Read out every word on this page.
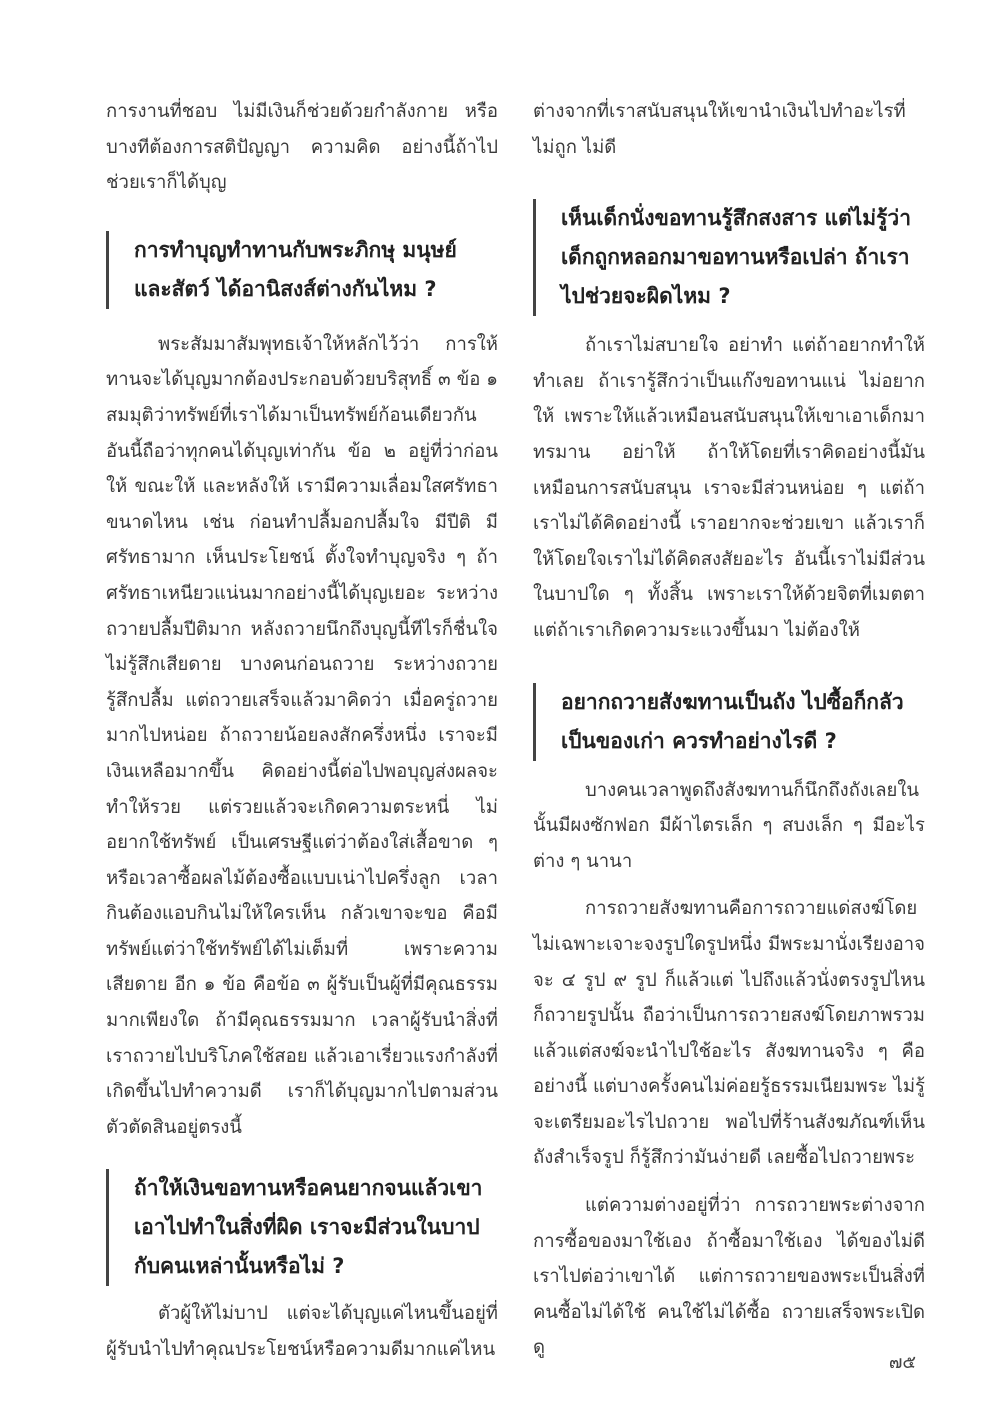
การงานที่ชอบ ไม่มีเงินก็ช่วยด้วยกำลังกาย หรือบางทีต้องการสติปัญญา ความคิด อย่างนี้ถ้าไปช่วยเราก็ได้บุญ

การทำบุญทำทานกับพระภิกษุ มนุษย์ และสัตว์ ได้อานิสงส์ต่างกันไหม ?

พระสัมมาสัมพุทธเจ้าให้หลักไว้ว่า การให้ทานจะได้บุญมากต้องประกอบด้วยบริสุทธิ์ ๓ ข้อ ๑ สมมุติว่าทรัพย์ที่เราได้มาเป็นทรัพย์ก้อนเดียวกัน อันนี้ถือว่าทุกคนได้บุญเท่ากัน ข้อ ๒ อยู่ที่ว่าก่อนให้ ขณะให้ และหลังให้ เรามีความเลื่อมใสศรัทธาขนาดไหน เช่น ก่อนทำปลื้มอกปลื้มใจ มีปีติ มีศรัทธามาก เห็นประโยชน์ ตั้งใจทำบุญจริง ๆ ถ้าศรัทธาเหนียวแน่นมากอย่างนี้ได้บุญเยอะ ระหว่างถวายปลื้มปีติมาก หลังถวายนึกถึงบุญนี้ทีไรก็ชื่นใจ ไม่รู้สึกเสียดาย บางคนก่อนถวาย ระหว่างถวายรู้สึกปลื้ม แต่ถวายเสร็จแล้วมาคิดว่า เมื่อครู่ถวายมากไปหน่อย ถ้าถวายน้อยลงสักครึ่งหนึ่ง เราจะมีเงินเหลือมากขึ้น คิดอย่างนี้ต่อไปพอบุญส่งผลจะทำให้รวย แต่รวยแล้วจะเกิดความตระหนี่ ไม่อยากใช้ทรัพย์ เป็นเศรษฐีแต่ว่าต้องใส่เสื้อขาด ๆ หรือเวลาซื้อผลไม้ต้องซื้อแบบเน่าไปครึ่งลูก เวลากินต้องแอบกินไม่ให้ใครเห็น กลัวเขาจะขอ คือมีทรัพย์แต่ว่าใช้ทรัพย์ได้ไม่เต็มที่ เพราะความเสียดาย อีก ๑ ข้อ คือข้อ ๓ ผู้รับเป็นผู้ที่มีคุณธรรมมากเพียงใด ถ้ามีคุณธรรมมาก เวลาผู้รับนำสิ่งที่เราถวายไปบริโภคใช้สอย แล้วเอาเรี่ยวแรงกำลังที่เกิดขึ้นไปทำความดี เราก็ได้บุญมากไปตามส่วน ตัวตัดสินอยู่ตรงนี้

ถ้าให้เงินขอทานหรือคนยากจนแล้วเขาเอาไปทำในสิ่งที่ผิด เราจะมีส่วนในบาปกับคนเหล่านั้นหรือไม่ ?

ตัวผู้ให้ไม่บาป แต่จะได้บุญแค่ไหนขึ้นอยู่ที่ผู้รับนำไปทำคุณประโยชน์หรือความดีมากแค่ไหน

ต่างจากที่เราสนับสนุนให้เขานำเงินไปทำอะไรที่ไม่ถูก ไม่ดี

เห็นเด็กนั่งขอทานรู้สึกสงสาร แต่ไม่รู้ว่าเด็กถูกหลอกมาขอทานหรือเปล่า ถ้าเราไปช่วยจะผิดไหม ?

ถ้าเราไม่สบายใจ อย่าทำ แต่ถ้าอยากทำให้ทำเลย ถ้าเรารู้สึกว่าเป็นแก๊งขอทานแน่ ไม่อยากให้ เพราะให้แล้วเหมือนสนับสนุนให้เขาเอาเด็กมาทรมาน อย่าให้ ถ้าให้โดยที่เราคิดอย่างนี้มันเหมือนการสนับสนุน เราจะมีส่วนหน่อย ๆ แต่ถ้าเราไม่ได้คิดอย่างนี้ เราอยากจะช่วยเขา แล้วเราก็ให้โดยใจเราไม่ได้คิดสงสัยอะไร อันนี้เราไม่มีส่วนในบาปใด ๆ ทั้งสิ้น เพราะเราให้ด้วยจิตที่เมตตา แต่ถ้าเราเกิดความระแวงขึ้นมา ไม่ต้องให้

อยากถวายสังฆทานเป็นถัง ไปซื้อก็กลัวเป็นของเก่า ควรทำอย่างไรดี ?

บางคนเวลาพูดถึงสังฆทานก็นึกถึงถังเลยในนั้นมีผงซักฟอก มีผ้าไตรเล็ก ๆ สบงเล็ก ๆ มีอะไรต่าง ๆ นานา

การถวายสังฆทานคือการถวายแด่สงฆ์โดยไม่เฉพาะเจาะจงรูปใดรูปหนึ่ง มีพระมานั่งเรียงอาจจะ ๔ รูป ๙ รูป ก็แล้วแต่ ไปถึงแล้วนั่งตรงรูปไหน ก็ถวายรูปนั้น ถือว่าเป็นการถวายสงฆ์โดยภาพรวม แล้วแต่สงฆ์จะนำไปใช้อะไร สังฆทานจริง ๆ คืออย่างนี้ แต่บางครั้งคนไม่ค่อยรู้ธรรมเนียมพระ ไม่รู้จะเตรียมอะไรไปถวาย พอไปที่ร้านสังฆภัณฑ์เห็นถังสำเร็จรูป ก็รู้สึกว่ามันง่ายดี เลยซื้อไปถวายพระ

แต่ความต่างอยู่ที่ว่า การถวายพระต่างจากการซื้อของมาใช้เอง ถ้าซื้อมาใช้เอง ได้ของไม่ดีเราไปต่อว่าเขาได้ แต่การถวายของพระเป็นสิ่งที่คนซื้อไม่ได้ใช้ คนใช้ไม่ได้ซื้อ ถวายเสร็จพระเปิดดู

๗๕
